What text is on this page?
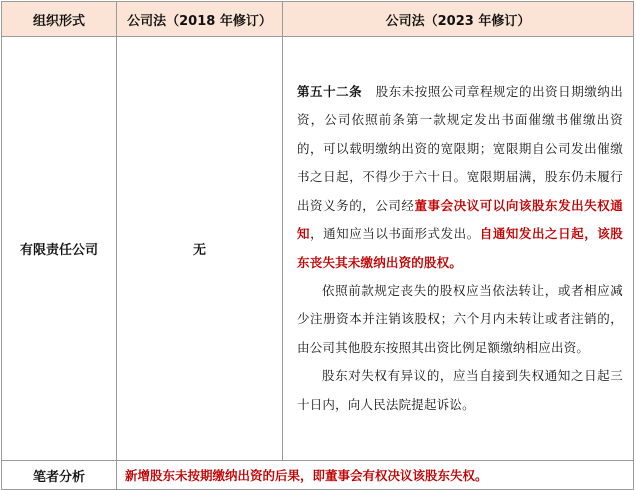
组织形式	公司法（2018 年修订）	公司法（2023 年修订）
有限责任公司	无	第五十二条 股东未按照公司章程规定的出资日期缴纳出资，公司依照前条第一款规定发出书面催缴书催缴出资的，可以载明缴纳出资的宽限期；宽限期自公司发出催缴书之日起，不得少于六十日。宽限期届满，股东仍未履行出资义务的，公司经董事会决议可以向该股东发出失权通知，通知应当以书面形式发出。自通知发出之日起，该股东丧失其未缴纳出资的股权。

依照前款规定丧失的股权应当依法转让，或者相应减少注册资本并注销该股权；六个月内未转让或者注销的，由公司其他股东按照其出资比例足额缴纳相应出资。

股东对失权有异议的，应当自接到失权通知之日起三十日内，向人民法院提起诉讼。

笔者分析	新增股东未按期缴纳出资的后果，即董事会有权决议该股东失权。	
